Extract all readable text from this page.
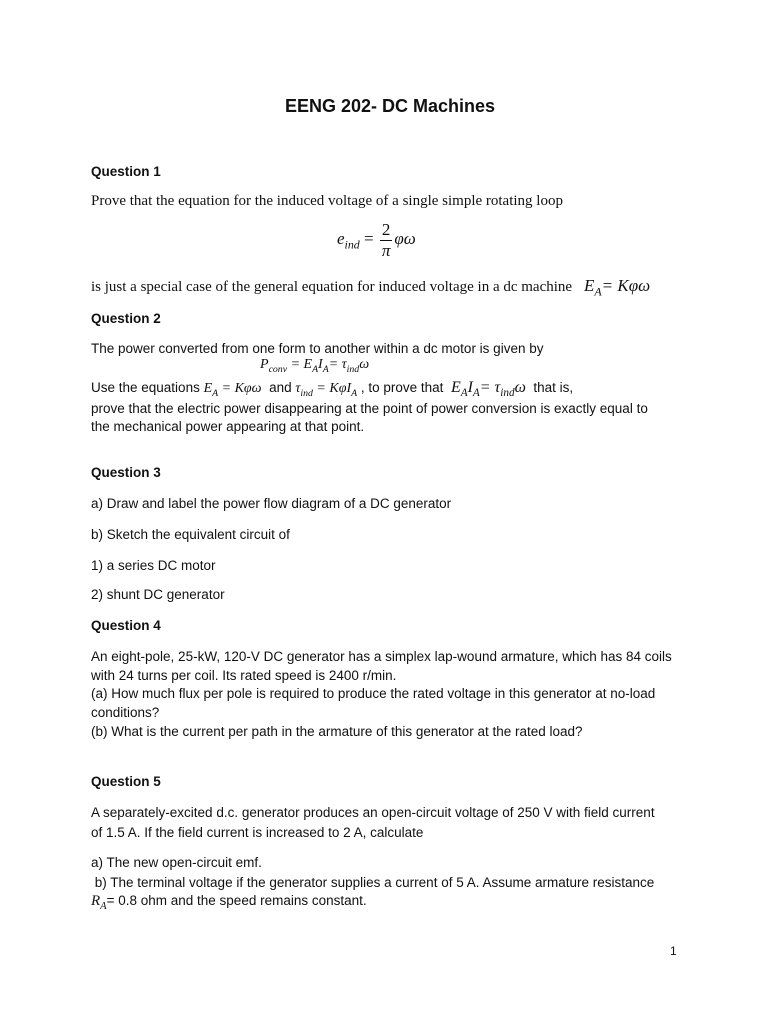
EENG 202- DC Machines
Question 1
Prove that the equation for the induced voltage of a single simple rotating loop
$e_{ind} = \frac{2}{\pi}$ φω
is just a special case of the general equation for induced voltage in a dc machine $E_A= K\varphi\omega$
Question 2
The power converted from one form to another within a dc motor is given by
$P_{conv} = E_AI_A= \tau_{ind}\omega$
Use the equations $E_A = K\varphi\omega$ and $\tau_{ind} = K\varphi I_A$ , to prove that $E_AI_A= \tau_{ind}\omega$ that is,
prove that the electric power disappearing at the point of power conversion is exactly equal to
the mechanical power appearing at that point.
Question 3
a) Draw and label the power flow diagram of a DC generator
b) Sketch the equivalent circuit of
1) a series DC motor
2) shunt DC generator
Question 4
An eight-pole, 25-kW, 120-V DC generator has a simplex lap-wound armature, which has 84 coils
with 24 turns per coil. Its rated speed is 2400 r/min.
(a) How much flux per pole is required to produce the rated voltage in this generator at no-load
conditions?
(b) What is the current per path in the armature of this generator at the rated load?
Question 5
A separately-excited d.c. generator produces an open-circuit voltage of 250 V with field current
of 1.5 A. If the field current is increased to 2 A, calculate
a) The new open-circuit emf.
b) The terminal voltage if the generator supplies a current of 5 A. Assume armature resistance
$R_A= 0.8$ ohm and the speed remains constant.
1
